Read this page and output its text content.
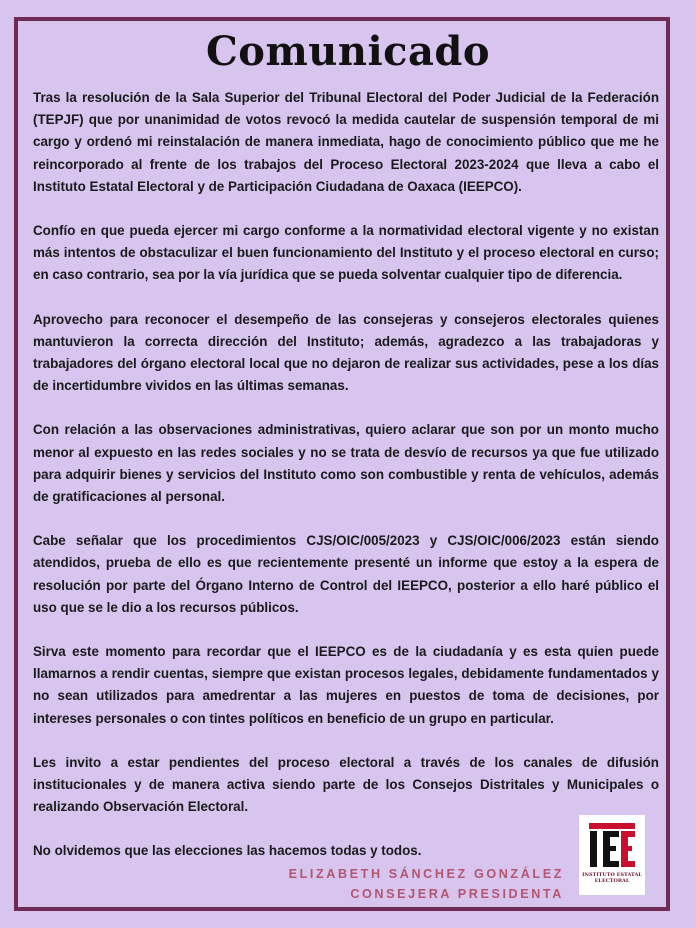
Comunicado

Tras la resolución de la Sala Superior del Tribunal Electoral del Poder Judicial de la Federación (TEPJF) que por unanimidad de votos revocó la medida cautelar de suspensión temporal de mi cargo y ordenó mi reinstalación de manera inmediata, hago de conocimiento público que me he reincorporado al frente de los trabajos del Proceso Electoral 2023-2024 que lleva a cabo el Instituto Estatal Electoral y de Participación Ciudadana de Oaxaca (IEEPCO).

Confío en que pueda ejercer mi cargo conforme a la normatividad electoral vigente y no existan más intentos de obstaculizar el buen funcionamiento del Instituto y el proceso electoral en curso; en caso contrario, sea por la vía jurídica que se pueda solventar cualquier tipo de diferencia.

Aprovecho para reconocer el desempeño de las consejeras y consejeros electorales quienes mantuvieron la correcta dirección del Instituto; además, agradezco a las trabajadoras y trabajadores del órgano electoral local que no dejaron de realizar sus actividades, pese a los días de incertidumbre vividos en las últimas semanas.

Con relación a las observaciones administrativas, quiero aclarar que son por un monto mucho menor al expuesto en las redes sociales y no se trata de desvío de recursos ya que fue utilizado para adquirir bienes y servicios del Instituto como son combustible y renta de vehículos, además de gratificaciones al personal.

Cabe señalar que los procedimientos CJS/OIC/005/2023 y CJS/OIC/006/2023 están siendo atendidos, prueba de ello es que recientemente presenté un informe que estoy a la espera de resolución por parte del Órgano Interno de Control del IEEPCO, posterior a ello haré público el uso que se le dio a los recursos públicos.

Sirva este momento para recordar que el IEEPCO es de la ciudadanía y es esta quien puede llamarnos a rendir cuentas, siempre que existan procesos legales, debidamente fundamentados y no sean utilizados para amedrentar a las mujeres en puestos de toma de decisiones, por intereses personales o con tintes políticos en beneficio de un grupo en particular.

Les invito a estar pendientes del proceso electoral a través de los canales de difusión institucionales y de manera activa siendo parte de los Consejos Distritales y Municipales o realizando Observación Electoral.

No olvidemos que las elecciones las hacemos todas y todos.

ELIZABETH SÁNCHEZ GONZÁLEZ
CONSEJERA PRESIDENTA
INSTITUTO ESTATAL ELECTORAL
